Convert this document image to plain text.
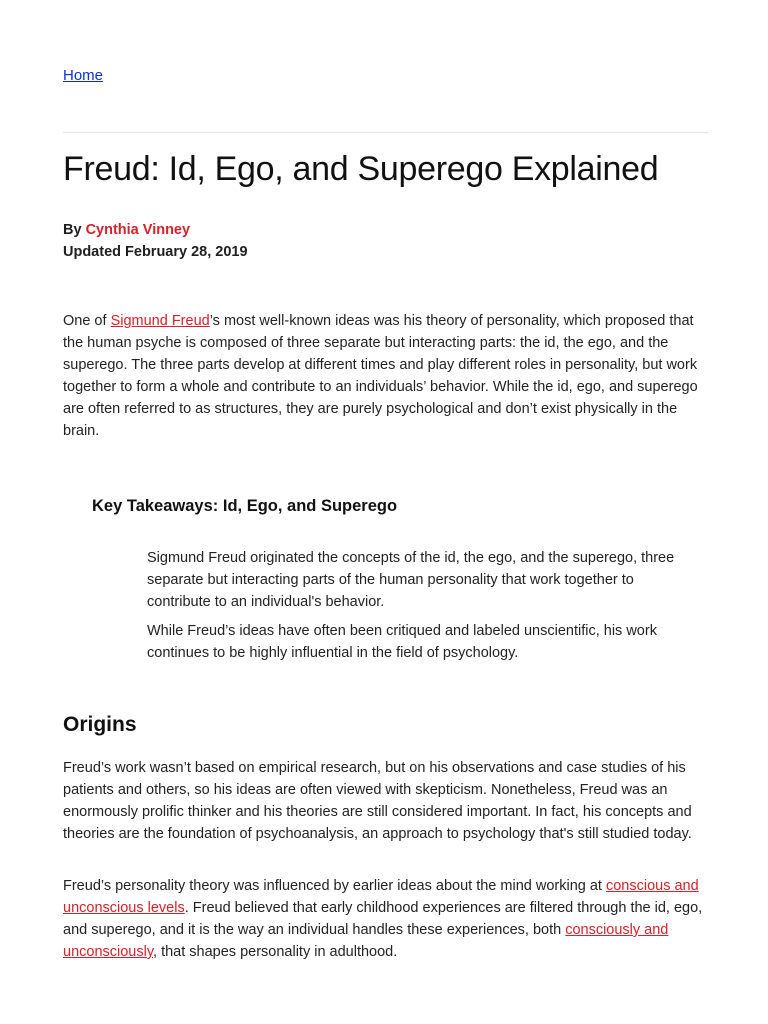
Home
Freud: Id, Ego, and Superego Explained
By Cynthia Vinney
Updated February 28, 2019

One of Sigmund Freud’s most well-known ideas was his theory of personality, which proposed that the human psyche is composed of three separate but interacting parts: the id, the ego, and the superego. The three parts develop at different times and play different roles in personality, but work together to form a whole and contribute to an individuals’ behavior. While the id, ego, and superego are often referred to as structures, they are purely psychological and don’t exist physically in the brain.

Key Takeaways: Id, Ego, and Superego

Sigmund Freud originated the concepts of the id, the ego, and the superego, three separate but interacting parts of the human personality that work together to contribute to an individual's behavior.

While Freud’s ideas have often been critiqued and labeled unscientific, his work continues to be highly influential in the field of psychology.

Origins

Freud’s work wasn’t based on empirical research, but on his observations and case studies of his patients and others, so his ideas are often viewed with skepticism. Nonetheless, Freud was an enormously prolific thinker and his theories are still considered important. In fact, his concepts and theories are the foundation of psychoanalysis, an approach to psychology that's still studied today.

Freud’s personality theory was influenced by earlier ideas about the mind working at conscious and unconscious levels. Freud believed that early childhood experiences are filtered through the id, ego, and superego, and it is the way an individual handles these experiences, both consciously and unconsciously, that shapes personality in adulthood.
